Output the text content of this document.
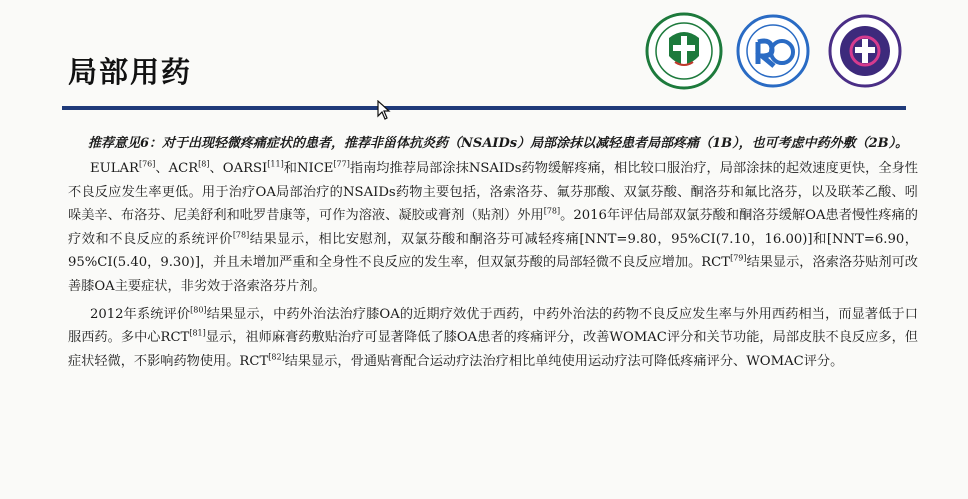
局部用药

推荐意见6：对于出现轻微疼痛症状的患者，推荐非甾体抗炎药（NSAIDs）局部涂抹以减轻患者局部疼痛（1B），也可考虑中药外敷（2B）。

EULAR[76]、ACR[8]、OARSI[11]和NICE[77]指南均推荐局部涂抹NSAIDs药物缓解疼痛，相比较口服治疗，局部涂抹的起效速度更快，全身性不良反应发生率更低。用于治疗OA局部治疗的NSAIDs药物主要包括，洛索洛芬、氟芬那酸、双氯芬酸、酮洛芬和氟比洛芬，以及联苯乙酸、吲哚美辛、布洛芬、尼美舒利和吡罗昔康等，可作为溶液、凝胶或膏剂（贴剂）外用[78]。2016年评估局部双氯芬酸和酮洛芬缓解OA患者慢性疼痛的疗效和不良反应的系统评价[78]结果显示，相比安慰剂，双氯芬酸和酮洛芬可减轻疼痛[NNT=9.80，95%CI(7.10，16.00)]和[NNT=6.90，95%CI(5.40，9.30)]，并且未增加严重和全身性不良反应的发生率，但双氯芬酸的局部轻微不良反应增加。RCT[79]结果显示，洛索洛芬贴剂可改善膝OA主要症状，非劣效于洛索洛芬片剂。

2012年系统评价[80]结果显示，中药外治法治疗膝OA的近期疗效优于西药，中药外治法的药物不良反应发生率与外用西药相当，而显著低于口服西药。多中心RCT[81]显示，祖师麻膏药敷贴治疗可显著降低了膝OA患者的疼痛评分，改善WOMAC评分和关节功能，局部皮肤不良反应多，但症状轻微，不影响药物使用。RCT[82]结果显示，骨通贴膏配合运动疗法治疗相比单纯使用运动疗法可降低疼痛评分、WOMAC评分。
